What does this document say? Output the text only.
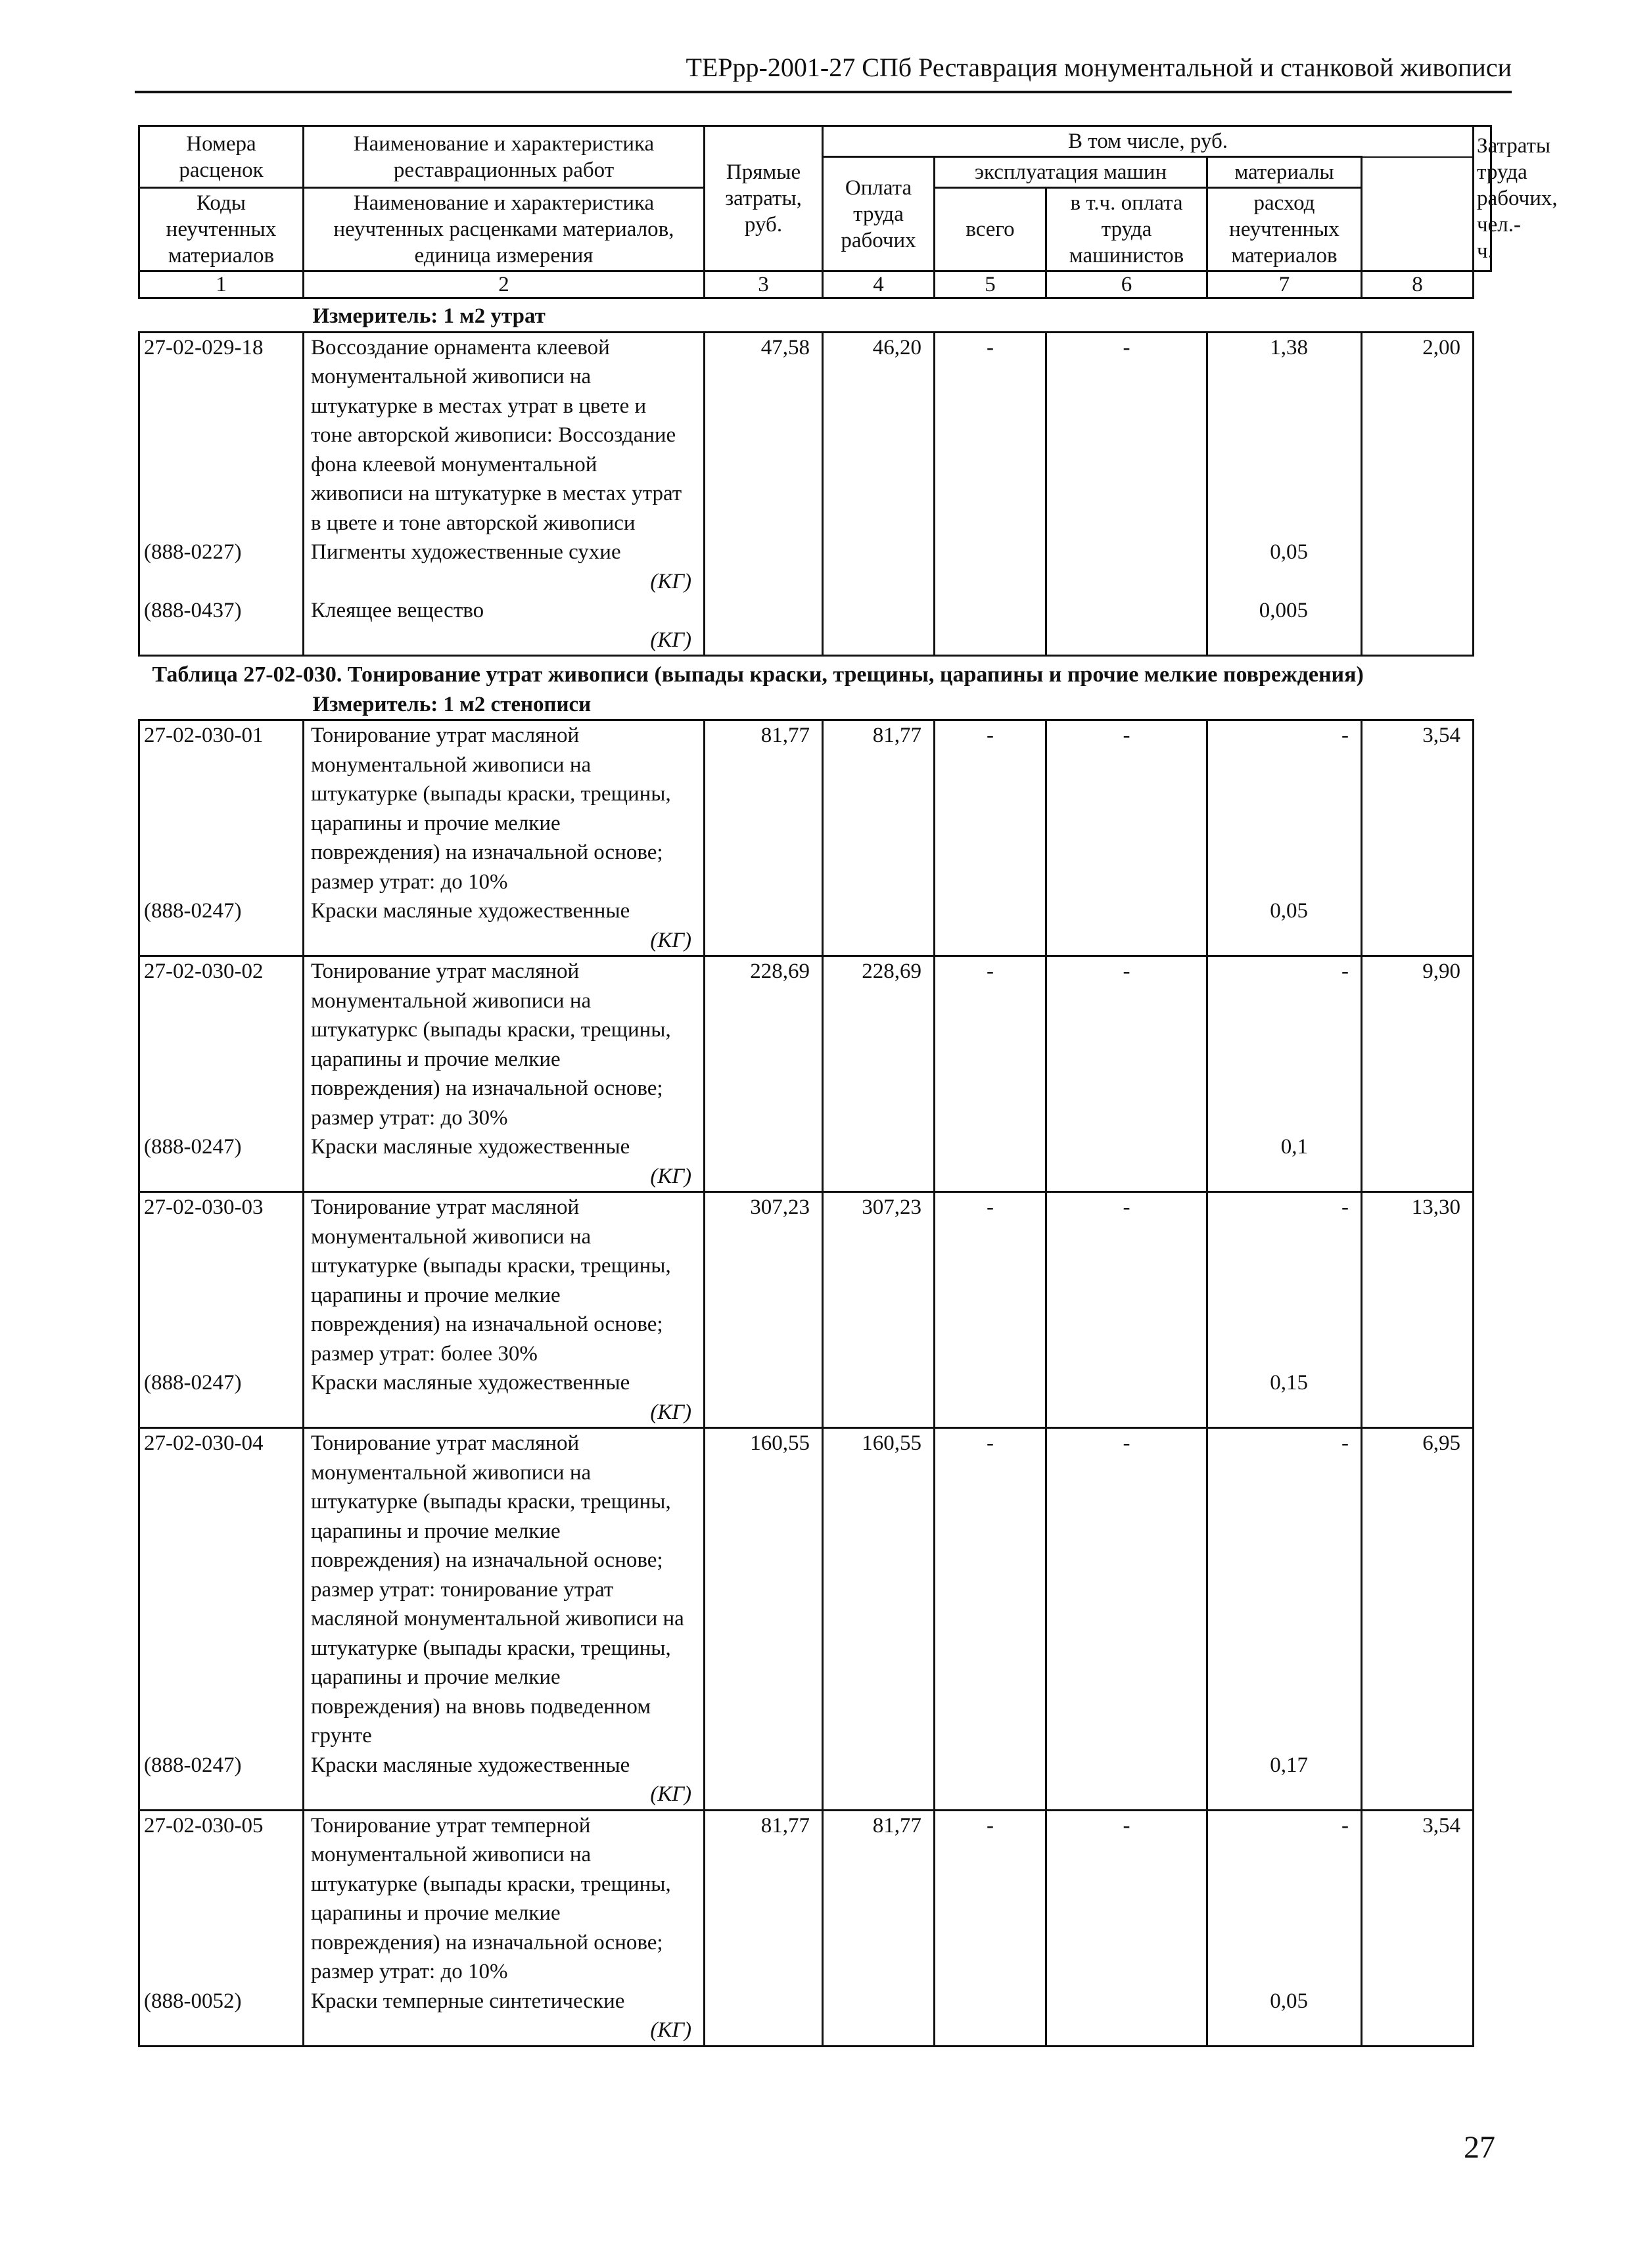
ТЕРрр-2001-27 СПб Реставрация монументальной и станковой живописи
Номера расценок	Наименование и характеристика реставрационных работ	Прямые затраты, руб.	В том числе, руб.					Затраты труда рабочих, чел.-ч.
			Оплата труда рабочих	эксплуатация машин		материалы		
Коды неучтенных материалов	Наименование и характеристика неучтенных расценками материалов, единица измерения			всего	в т.ч. оплата труда машинистов	расход неучтенных материалов		

1	2	3	4	5	6	7	8	
Измеритель: 1 м2 утрат								
27-02-029-18	Воссоздание орнамента клеевой монументальной живописи на штукатурке в местах утрат в цвете и тоне авторской живописи: Воссоздание фона клеевой монументальной живописи на штукатурке в местах утрат в цвете и тоне авторской живописи	47,58	46,20	-	-	1,38	2,00	
(888-0227)	Пигменты художественные сухие
(КГ)					0,05		
(888-0437)	Клеящее вещество
(КГ)					0,005		
Таблица 27-02-030. Тонирование утрат живописи (выпады краски, трещины, царапины и прочие мелкие повреждения)								
Измеритель: 1 м2 стенописи								
27-02-030-01	Тонирование утрат масляной монументальной живописи на штукатурке (выпады краски, трещины, царапины и прочие мелкие повреждения) на изначальной основе; размер утрат: до 10%	81,77	81,77	-	-	-	3,54	
(888-0247)	Краски масляные художественные
(КГ)					0,05		
27-02-030-02	Тонирование утрат масляной монументальной живописи на штукатуркс (выпады краски, трещины, царапины и прочие мелкие повреждения) на изначальной основе; размер утрат: до 30%	228,69	228,69	-	-	-	9,90	
(888-0247)	Краски масляные художественные
(КГ)					0,1		
27-02-030-03	Тонирование утрат масляной монументальной живописи на штукатурке (выпады краски, трещины, царапины и прочие мелкие повреждения) на изначальной основе; размер утрат: более 30%	307,23	307,23	-	-	-	13,30	
(888-0247)	Краски масляные художественные
(КГ)					0,15		
27-02-030-04	Тонирование утрат масляной монументальной живописи на штукатурке (выпады краски, трещины, царапины и прочие мелкие повреждения) на изначальной основе; размер утрат: тонирование утрат масляной монументальной живописи на штукатурке (выпады краски, трещины, царапины и прочие мелкие повреждения) на вновь подведенном грунте	160,55	160,55	-	-	-	6,95	
(888-0247)	Краски масляные художественные
(КГ)					0,17		
27-02-030-05	Тонирование утрат темперной монументальной живописи на штукатурке (выпады краски, трещины, царапины и прочие мелкие повреждения) на изначальной основе; размер утрат: до 10%	81,77	81,77	-	-	-	3,54	
(888-0052)	Краски темперные синтетические
(КГ)					0,05		
27
